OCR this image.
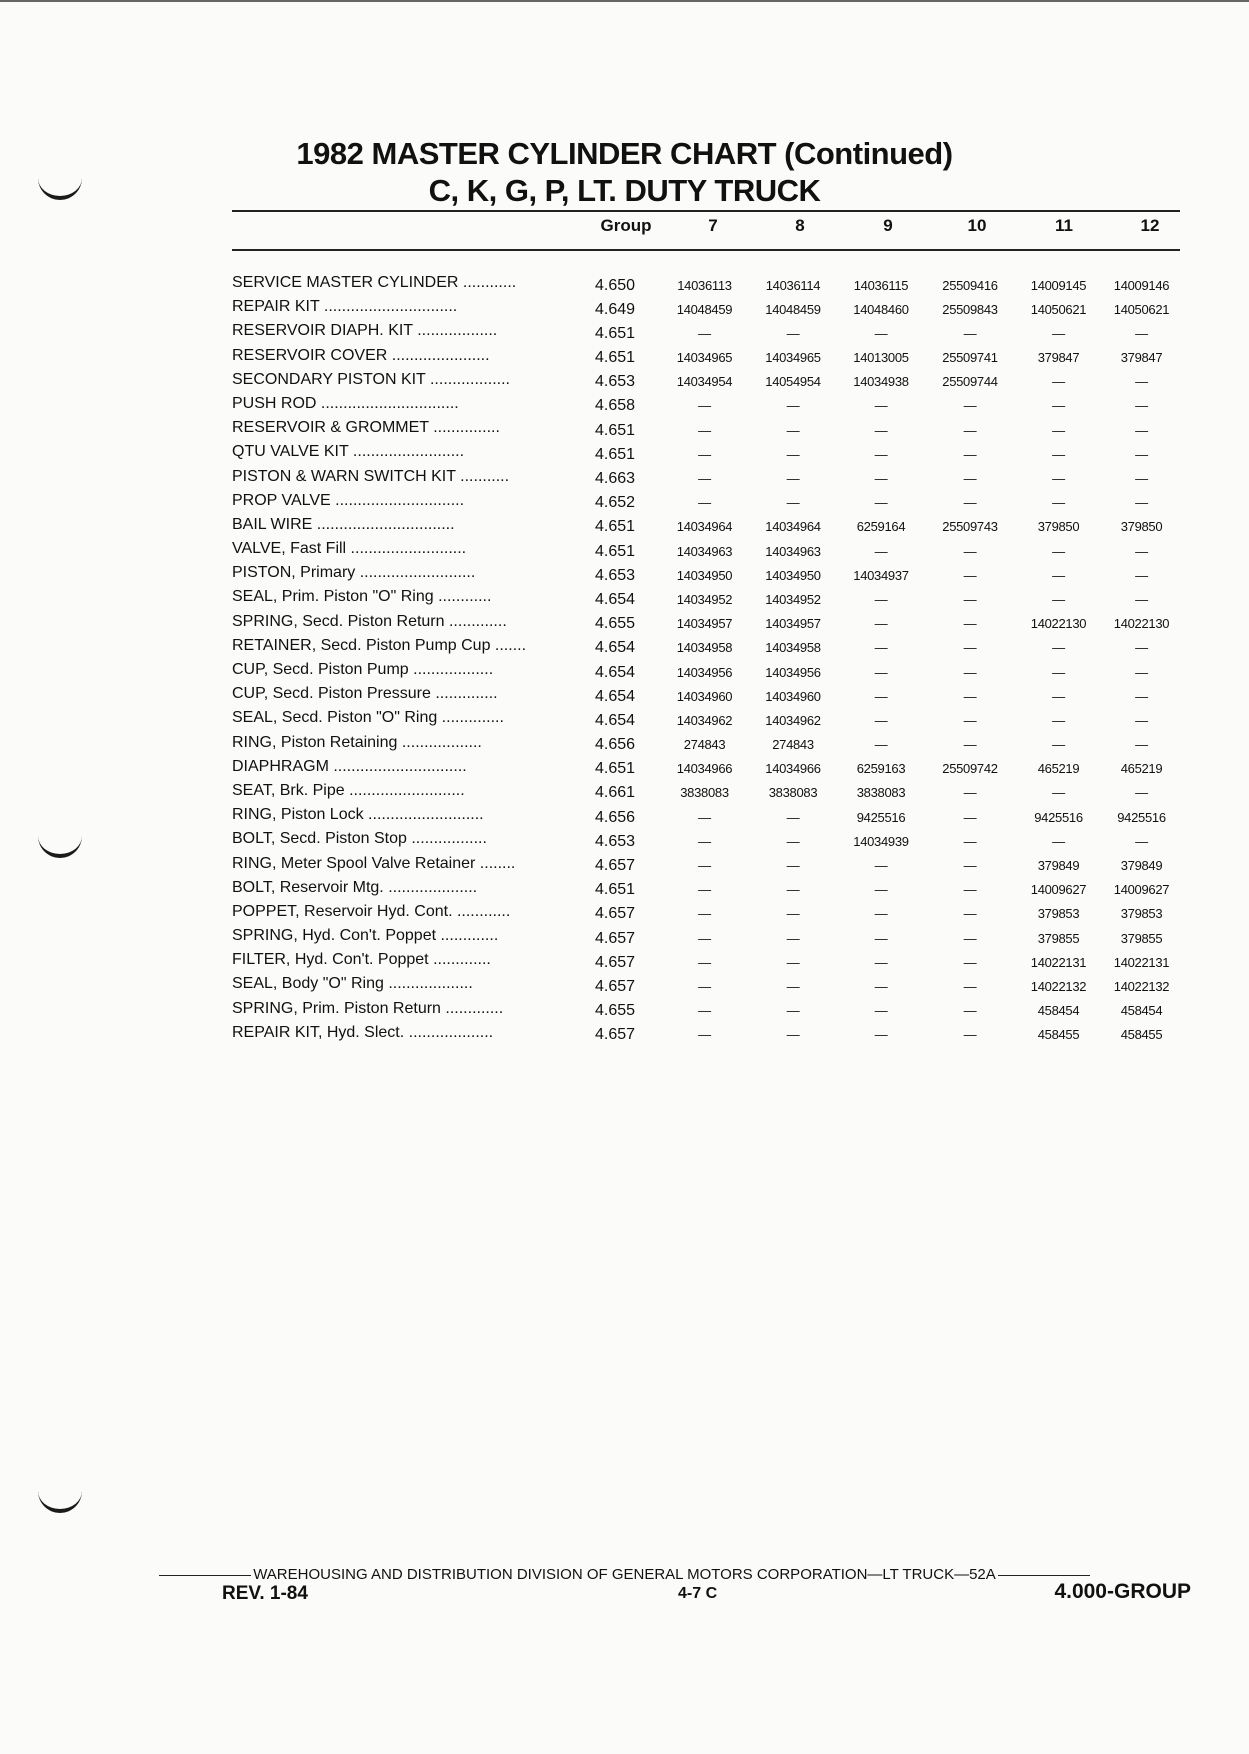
1982 MASTER CYLINDER CHART (Continued)
C, K, G, P, LT. DUTY TRUCK
Group	7	8	9	10	11	12
SERVICE MASTER CYLINDER ............	4.650	14036113	14036114	14036115	25509416	14009145	14009146
REPAIR KIT ..............................	4.649	14048459	14048459	14048460	25509843	14050621	14050621
RESERVOIR DIAPH. KIT ..................	4.651	—	—	—	—	—	—
RESERVOIR COVER ......................	4.651	14034965	14034965	14013005	25509741	379847	379847
SECONDARY PISTON KIT ..................	4.653	14034954	14054954	14034938	25509744	—	—
PUSH ROD ...............................	4.658	—	—	—	—	—	—
RESERVOIR & GROMMET ...............	4.651	—	—	—	—	—	—
QTU VALVE KIT .........................	4.651	—	—	—	—	—	—
PISTON & WARN SWITCH KIT ...........	4.663	—	—	—	—	—	—
PROP VALVE .............................	4.652	—	—	—	—	—	—
BAIL WIRE ...............................	4.651	14034964	14034964	6259164	25509743	379850	379850
VALVE, Fast Fill ..........................	4.651	14034963	14034963	—	—	—	—
PISTON, Primary ..........................	4.653	14034950	14034950	14034937	—	—	—
SEAL, Prim. Piston "O" Ring ............	4.654	14034952	14034952	—	—	—	—
SPRING, Secd. Piston Return .............	4.655	14034957	14034957	—	—	14022130	14022130
RETAINER, Secd. Piston Pump Cup .......	4.654	14034958	14034958	—	—	—	—
CUP, Secd. Piston Pump ..................	4.654	14034956	14034956	—	—	—	—
CUP, Secd. Piston Pressure ..............	4.654	14034960	14034960	—	—	—	—
SEAL, Secd. Piston "O" Ring ..............	4.654	14034962	14034962	—	—	—	—
RING, Piston Retaining ..................	4.656	274843	274843	—	—	—	—
DIAPHRAGM ..............................	4.651	14034966	14034966	6259163	25509742	465219	465219
SEAT, Brk. Pipe ..........................	4.661	3838083	3838083	3838083	—	—	—
RING, Piston Lock ..........................	4.656	—	—	9425516	—	9425516	9425516
BOLT, Secd. Piston Stop .................	4.653	—	—	14034939	—	—	—
RING, Meter Spool Valve Retainer ........	4.657	—	—	—	—	379849	379849
BOLT, Reservoir Mtg. ....................	4.651	—	—	—	—	14009627	14009627
POPPET, Reservoir Hyd. Cont. ............	4.657	—	—	—	—	379853	379853
SPRING, Hyd. Con't. Poppet .............	4.657	—	—	—	—	379855	379855
FILTER, Hyd. Con't. Poppet .............	4.657	—	—	—	—	14022131	14022131
SEAL, Body "O" Ring ...................	4.657	—	—	—	—	14022132	14022132
SPRING, Prim. Piston Return .............	4.655	—	—	—	—	458454	458454
REPAIR KIT, Hyd. Slect. ...................	4.657	—	—	—	—	458455	458455
WAREHOUSING AND DISTRIBUTION DIVISION OF GENERAL MOTORS CORPORATION—LT TRUCK—52A
REV. 1-84	4-7 C	4.000-GROUP
